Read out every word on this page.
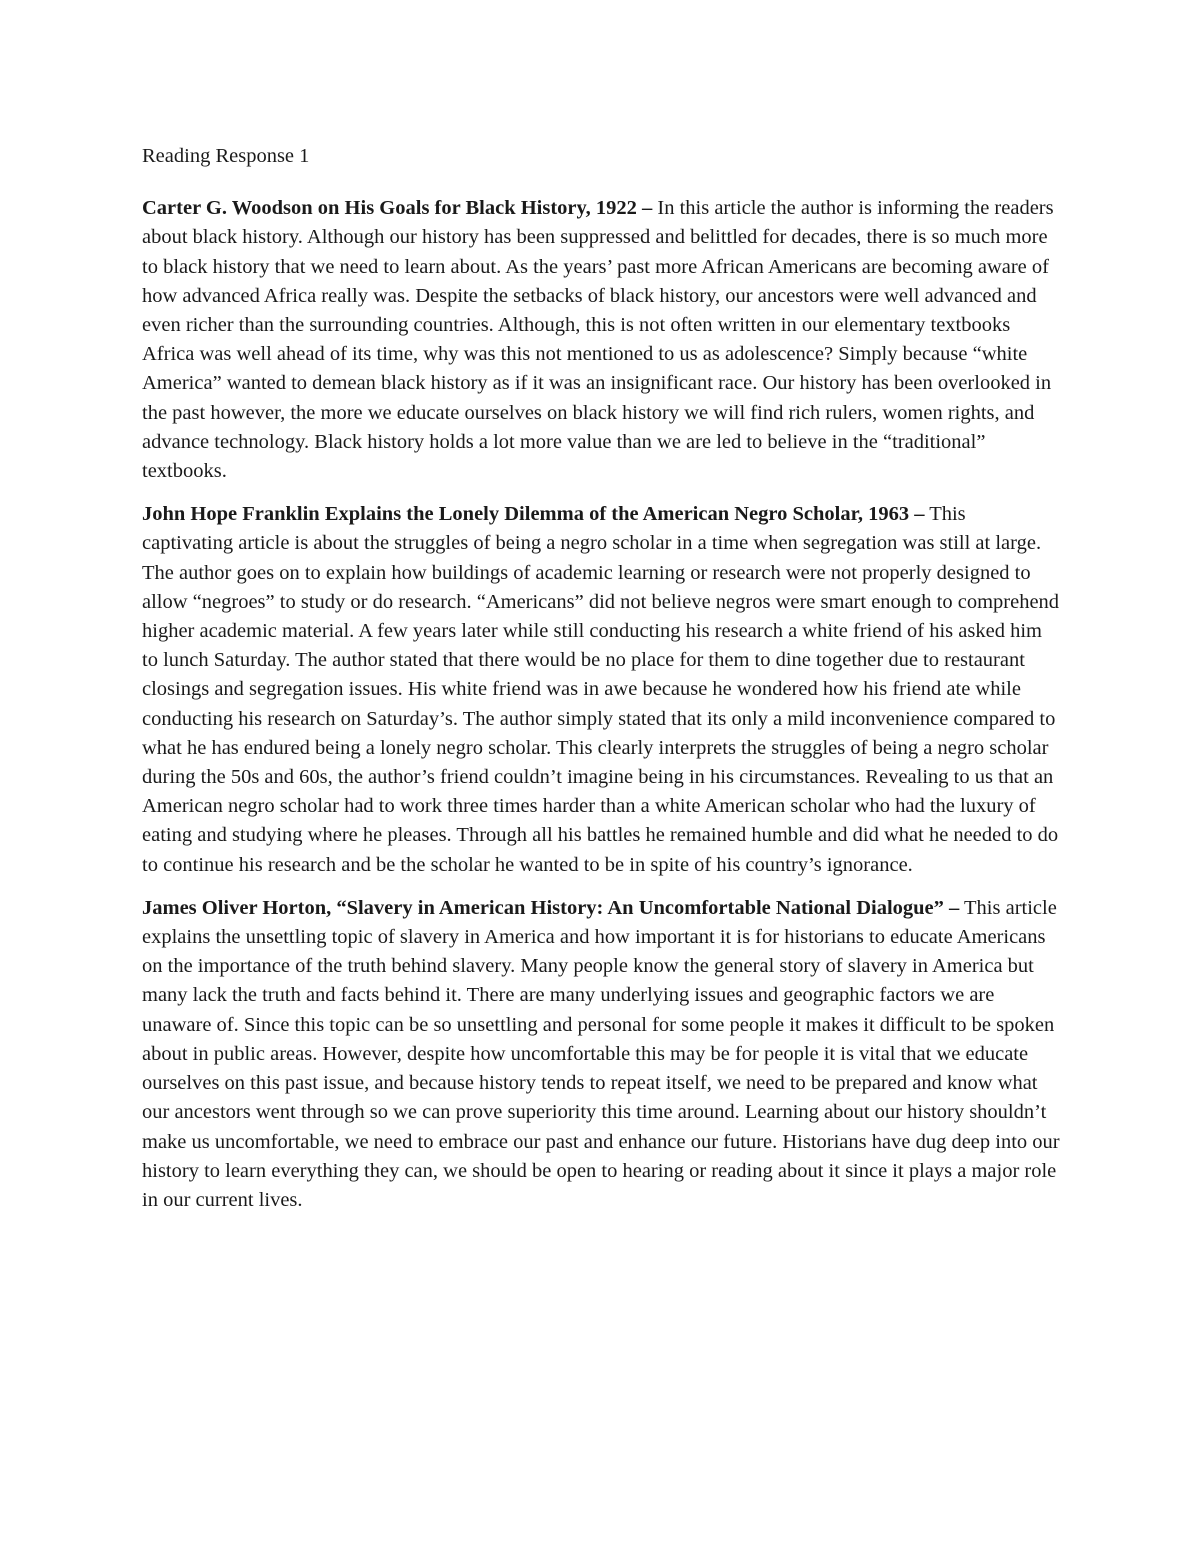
Reading Response 1

Carter G. Woodson on His Goals for Black History, 1922 – In this article the author is informing the readers about black history. Although our history has been suppressed and belittled for decades, there is so much more to black history that we need to learn about. As the years’ past more African Americans are becoming aware of how advanced Africa really was. Despite the setbacks of black history, our ancestors were well advanced and even richer than the surrounding countries. Although, this is not often written in our elementary textbooks Africa was well ahead of its time, why was this not mentioned to us as adolescence? Simply because “white America” wanted to demean black history as if it was an insignificant race. Our history has been overlooked in the past however, the more we educate ourselves on black history we will find rich rulers, women rights, and advance technology. Black history holds a lot more value than we are led to believe in the “traditional” textbooks.

John Hope Franklin Explains the Lonely Dilemma of the American Negro Scholar, 1963 – This captivating article is about the struggles of being a negro scholar in a time when segregation was still at large. The author goes on to explain how buildings of academic learning or research were not properly designed to allow “negroes” to study or do research. “Americans” did not believe negros were smart enough to comprehend higher academic material. A few years later while still conducting his research a white friend of his asked him to lunch Saturday. The author stated that there would be no place for them to dine together due to restaurant closings and segregation issues. His white friend was in awe because he wondered how his friend ate while conducting his research on Saturday’s. The author simply stated that its only a mild inconvenience compared to what he has endured being a lonely negro scholar. This clearly interprets the struggles of being a negro scholar during the 50s and 60s, the author’s friend couldn’t imagine being in his circumstances. Revealing to us that an American negro scholar had to work three times harder than a white American scholar who had the luxury of eating and studying where he pleases. Through all his battles he remained humble and did what he needed to do to continue his research and be the scholar he wanted to be in spite of his country’s ignorance.

James Oliver Horton, “Slavery in American History: An Uncomfortable National Dialogue” – This article explains the unsettling topic of slavery in America and how important it is for historians to educate Americans on the importance of the truth behind slavery. Many people know the general story of slavery in America but many lack the truth and facts behind it. There are many underlying issues and geographic factors we are unaware of. Since this topic can be so unsettling and personal for some people it makes it difficult to be spoken about in public areas. However, despite how uncomfortable this may be for people it is vital that we educate ourselves on this past issue, and because history tends to repeat itself, we need to be prepared and know what our ancestors went through so we can prove superiority this time around. Learning about our history shouldn’t make us uncomfortable, we need to embrace our past and enhance our future. Historians have dug deep into our history to learn everything they can, we should be open to hearing or reading about it since it plays a major role in our current lives.
